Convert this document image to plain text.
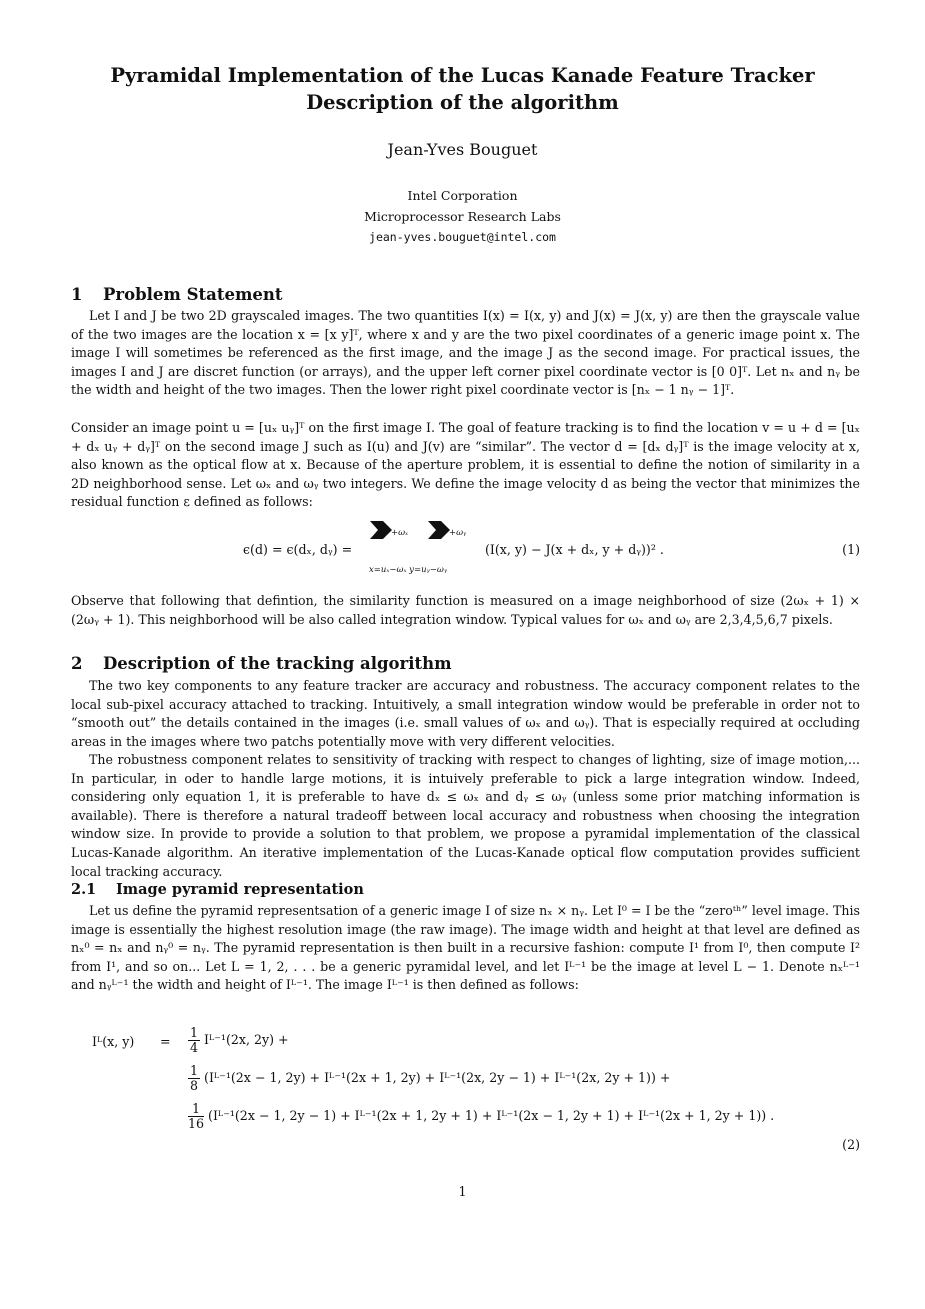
Pyramidal Implementation of the Lucas Kanade Feature Tracker
Description of the algorithm
Jean-Yves Bouguet
Intel Corporation
Microprocessor Research Labs
jean-yves.bouguet@intel.com
1 Problem Statement
Let I and J be two 2D grayscaled images. The two quantities I(x) = I(x, y) and J(x) = J(x, y) are then the grayscale value of the two images are the location x = [x y]ᵀ, where x and y are the two pixel coordinates of a generic image point x. The image I will sometimes be referenced as the first image, and the image J as the second image. For practical issues, the images I and J are discret function (or arrays), and the upper left corner pixel coordinate vector is [0 0]ᵀ. Let nₓ and nᵧ be the width and height of the two images. Then the lower right pixel coordinate vector is [nₓ − 1 nᵧ − 1]ᵀ.
Consider an image point u = [uₓ uᵧ]ᵀ on the first image I. The goal of feature tracking is to find the location v = u + d = [uₓ + dₓ uᵧ + dᵧ]ᵀ on the second image J such as I(u) and J(v) are “similar”. The vector d = [dₓ dᵧ]ᵀ is the image velocity at x, also known as the optical flow at x. Because of the aperture problem, it is essential to define the notion of similarity in a 2D neighborhood sense. Let ωₓ and ωᵧ two integers. We define the image velocity d as being the vector that minimizes the residual function ε defined as follows:
ϵ(d) = ϵ(dₓ, dᵧ) =
+ωₓ	+ωᵧ
x=uₓ−ωₓ y=uᵧ−ωᵧ
(I(x, y) − J(x + dₓ, y + dᵧ))² .	(1)
Observe that following that defintion, the similarity function is measured on a image neighborhood of size (2ωₓ + 1) × (2ωᵧ + 1). This neighborhood will be also called integration window. Typical values for ωₓ and ωᵧ are 2,3,4,5,6,7 pixels.
2 Description of the tracking algorithm
The two key components to any feature tracker are accuracy and robustness. The accuracy component relates to the local sub-pixel accuracy attached to tracking. Intuitively, a small integration window would be preferable in order not to “smooth out” the details contained in the images (i.e. small values of ωₓ and ωᵧ). That is especially required at occluding areas in the images where two patchs potentially move with very different velocities.
The robustness component relates to sensitivity of tracking with respect to changes of lighting, size of image motion,... In particular, in oder to handle large motions, it is intuively preferable to pick a large integration window. Indeed, considering only equation 1, it is preferable to have dₓ ≤ ωₓ and dᵧ ≤ ωᵧ (unless some prior matching information is available). There is therefore a natural tradeoff between local accuracy and robustness when choosing the integration window size. In provide to provide a solution to that problem, we propose a pyramidal implementation of the classical Lucas-Kanade algorithm. An iterative implementation of the Lucas-Kanade optical flow computation provides sufficient local tracking accuracy.
2.1 Image pyramid representation
Let us define the pyramid representsation of a generic image I of size nₓ × nᵧ. Let I⁰ = I be the “zeroᵗʰ” level image. This image is essentially the highest resolution image (the raw image). The image width and height at that level are defined as nₓ⁰ = nₓ and nᵧ⁰ = nᵧ. The pyramid representation is then built in a recursive fashion: compute I¹ from I⁰, then compute I² from I¹, and so on... Let L = 1, 2, . . . be a generic pyramidal level, and let Iᴸ⁻¹ be the image at level L − 1. Denote nₓᴸ⁻¹ and nᵧᴸ⁻¹ the width and height of Iᴸ⁻¹. The image Iᴸ⁻¹ is then defined as follows:
Iᴸ(x, $y) = \frac{1}{4}$ Iᴸ⁻¹(2x, 2y) +
$\frac{1}{8}$ (Iᴸ⁻¹(2x − 1, 2y) + Iᴸ⁻¹(2x + 1, 2y) + Iᴸ⁻¹(2x, 2y − 1) + Iᴸ⁻¹(2x, 2y + 1)) +
$\frac{1}{16}$ (Iᴸ⁻¹(2x − 1, 2y − 1) + Iᴸ⁻¹(2x + 1, 2y + 1) + Iᴸ⁻¹(2x − 1, 2y + 1) + Iᴸ⁻¹(2x + 1, 2y + 1)) .
(2)
1
